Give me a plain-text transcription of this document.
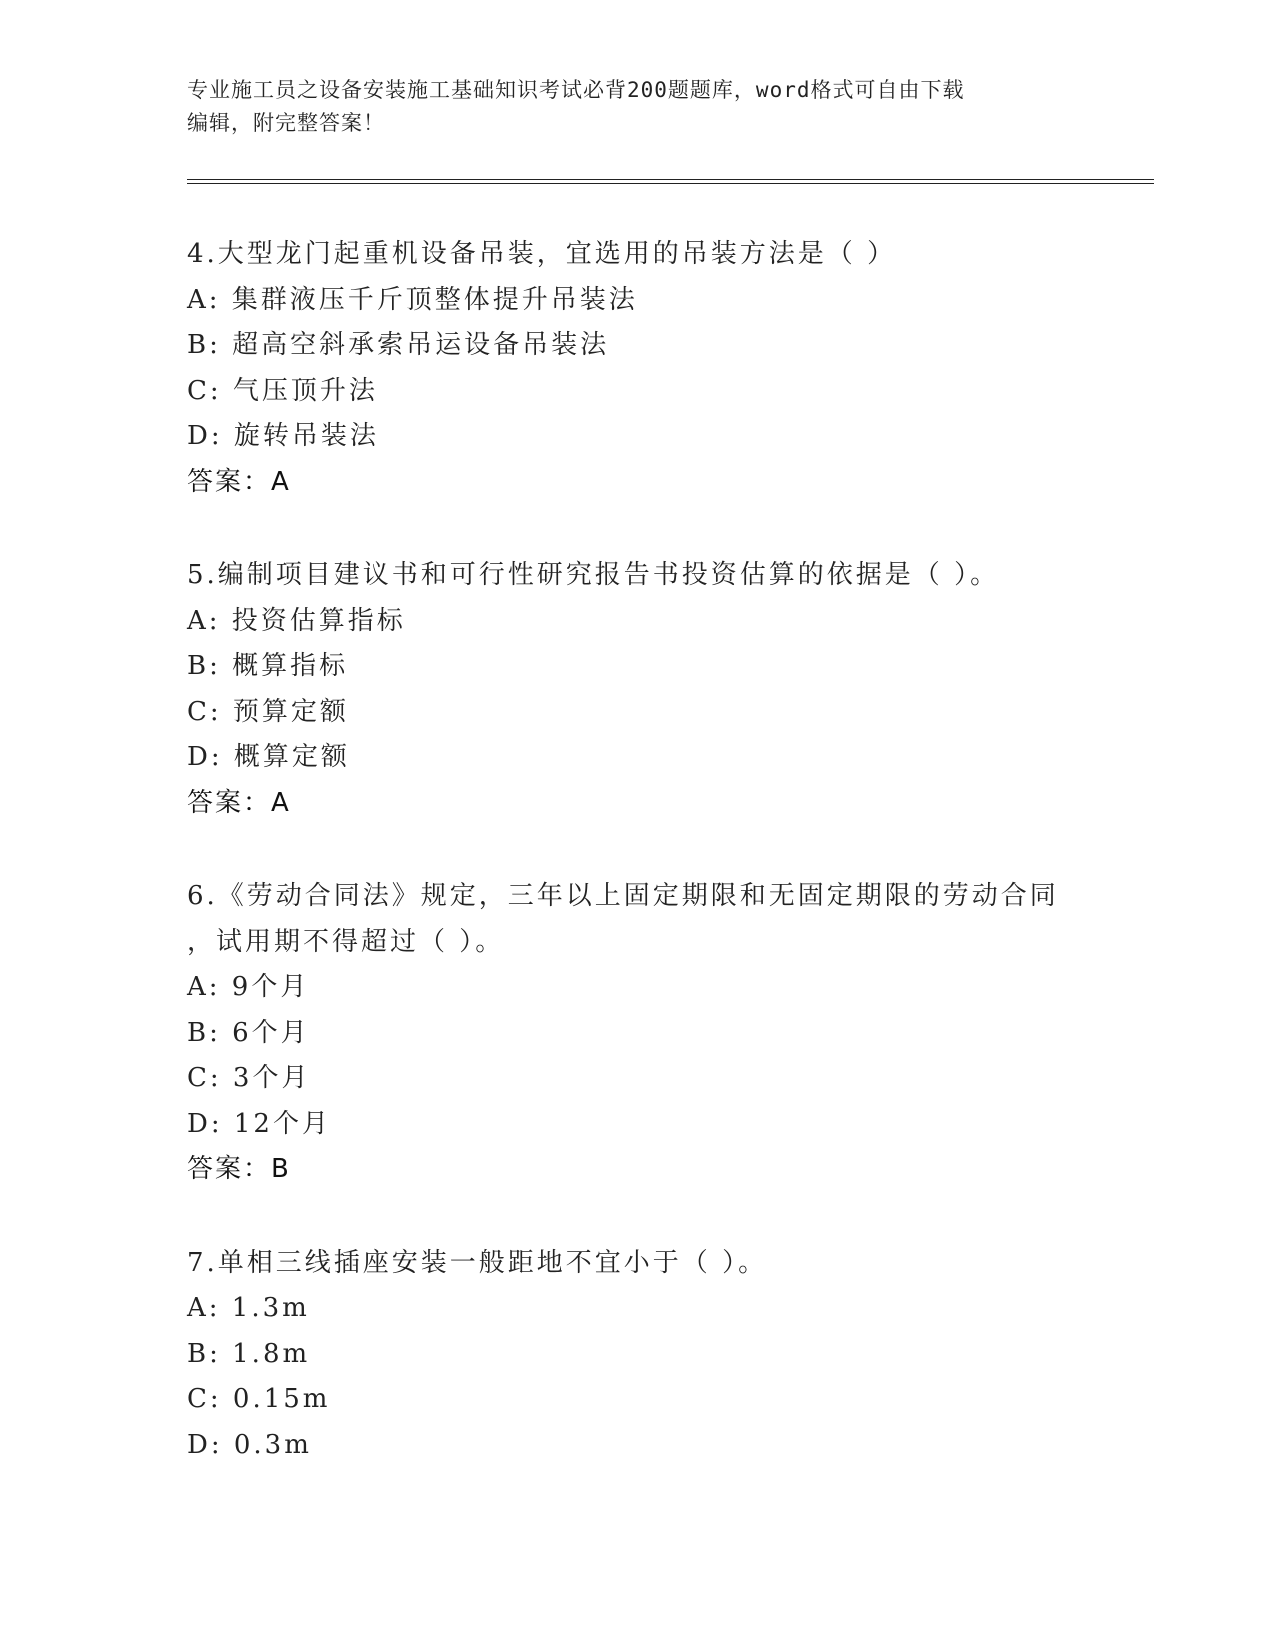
专业施工员之设备安装施工基础知识考试必背200题题库，word格式可自由下载
编辑，附完整答案！
4.大型龙门起重机设备吊装，宜选用的吊装方法是（ ）
A: 集群液压千斤顶整体提升吊装法
B: 超高空斜承索吊运设备吊装法
C: 气压顶升法
D: 旋转吊装法
答案：A
5.编制项目建议书和可行性研究报告书投资估算的依据是（ ）。
A: 投资估算指标
B: 概算指标
C: 预算定额
D: 概算定额
答案：A
6.《劳动合同法》规定，三年以上固定期限和无固定期限的劳动合同
，试用期不得超过（ ）。
A: 9个月
B: 6个月
C: 3个月
D: 12个月
答案：B
7.单相三线插座安装一般距地不宜小于（ ）。
A: 1.3m
B: 1.8m
C: 0.15m
D: 0.3m
